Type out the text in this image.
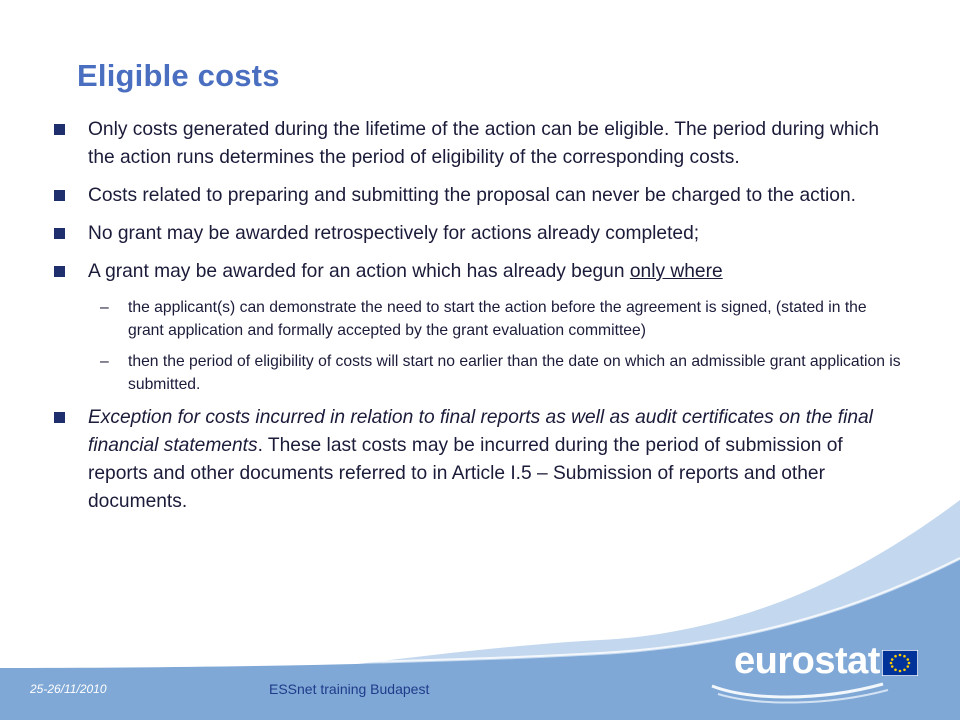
Eligible costs
Only costs generated during the lifetime of the action can be eligible. The period during which the action runs determines the period of eligibility of the corresponding costs.
Costs related to preparing and submitting the proposal can never be charged to the action.
No grant may be awarded retrospectively for actions already completed;
A grant may be awarded for an action which has already begun only where
– the applicant(s) can demonstrate the need to start the action before the agreement is signed, (stated in the grant application and formally accepted by the grant evaluation committee)
– then the period of eligibility of costs will start no earlier than the date on which an admissible grant application is submitted.
Exception for costs incurred in relation to final reports as well as audit certificates on the final financial statements. These last costs may be incurred during the period of submission of reports and other documents referred to in Article I.5 – Submission of reports and other documents.
25-26/11/2010	ESSnet training Budapest
eurostat
